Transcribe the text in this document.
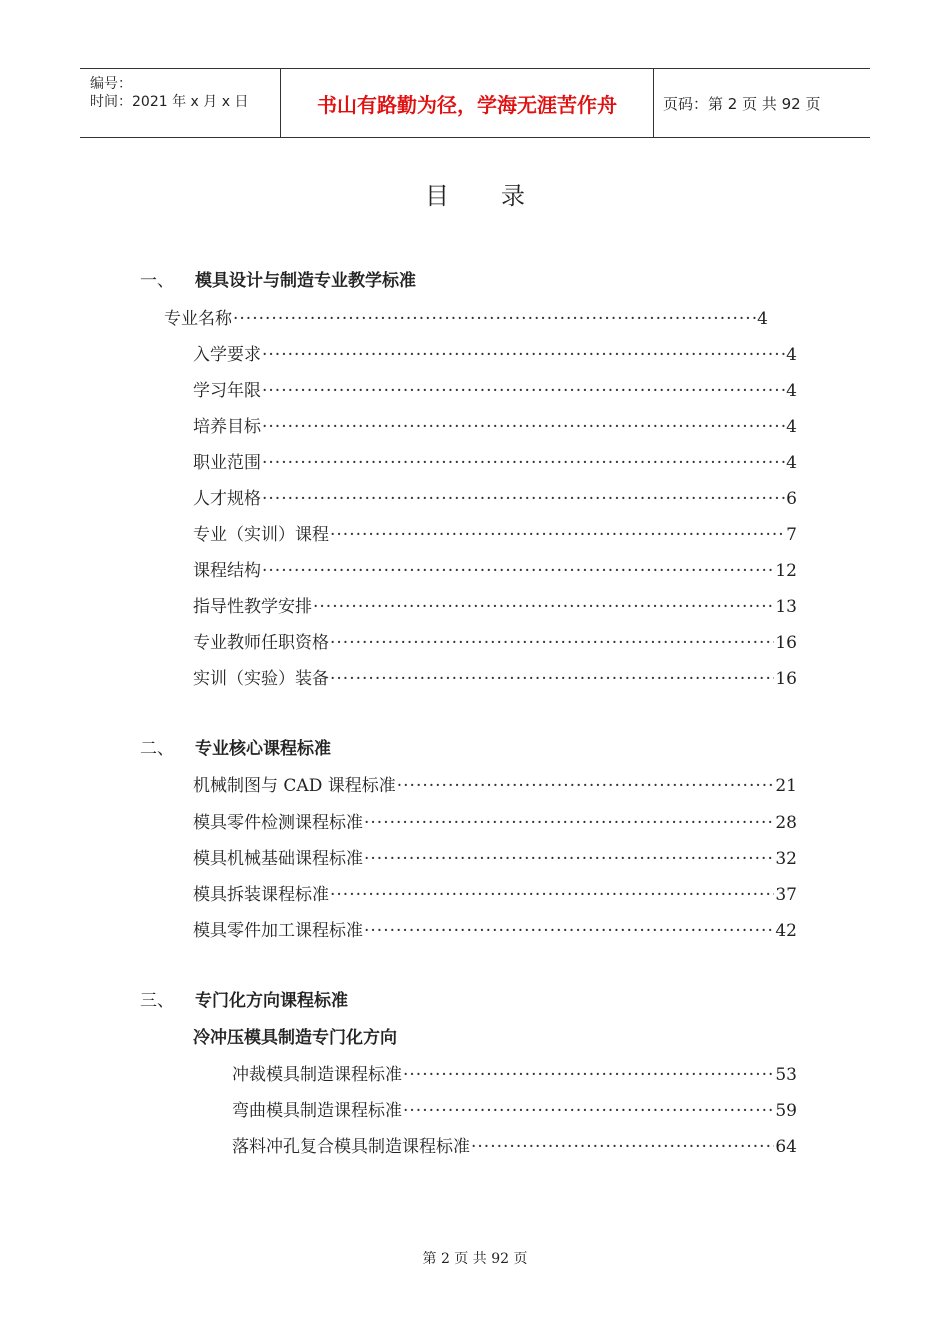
编号：
时间：2021 年 x 月 x 日	书山有路勤为径，学海无涯苦作舟	页码：第 2 页 共 92 页
目 录
一、 模具设计与制造专业教学标准
专业名称 ·····	4
入学要求 ·····	4
学习年限 ·····	4
培养目标 ·····	4
职业范围 ·····	4
人才规格 ·····	6
专业（实训）课程 ·····	7
课程结构 ·····	12
指导性教学安排 ·····	13
专业教师任职资格 ·····	16
实训（实验）装备 ·····	16
二、 专业核心课程标准
机械制图与 CAD 课程标准 ·····	21
模具零件检测课程标准 ·····	28
模具机械基础课程标准 ·····	32
模具拆装课程标准 ·····	37
模具零件加工课程标准 ·····	42
三、 专门化方向课程标准
冷冲压模具制造专门化方向
冲裁模具制造课程标准 ·····	53
弯曲模具制造课程标准 ·····	59
落料冲孔复合模具制造课程标准 ·····	64
第 2 页 共 92 页
